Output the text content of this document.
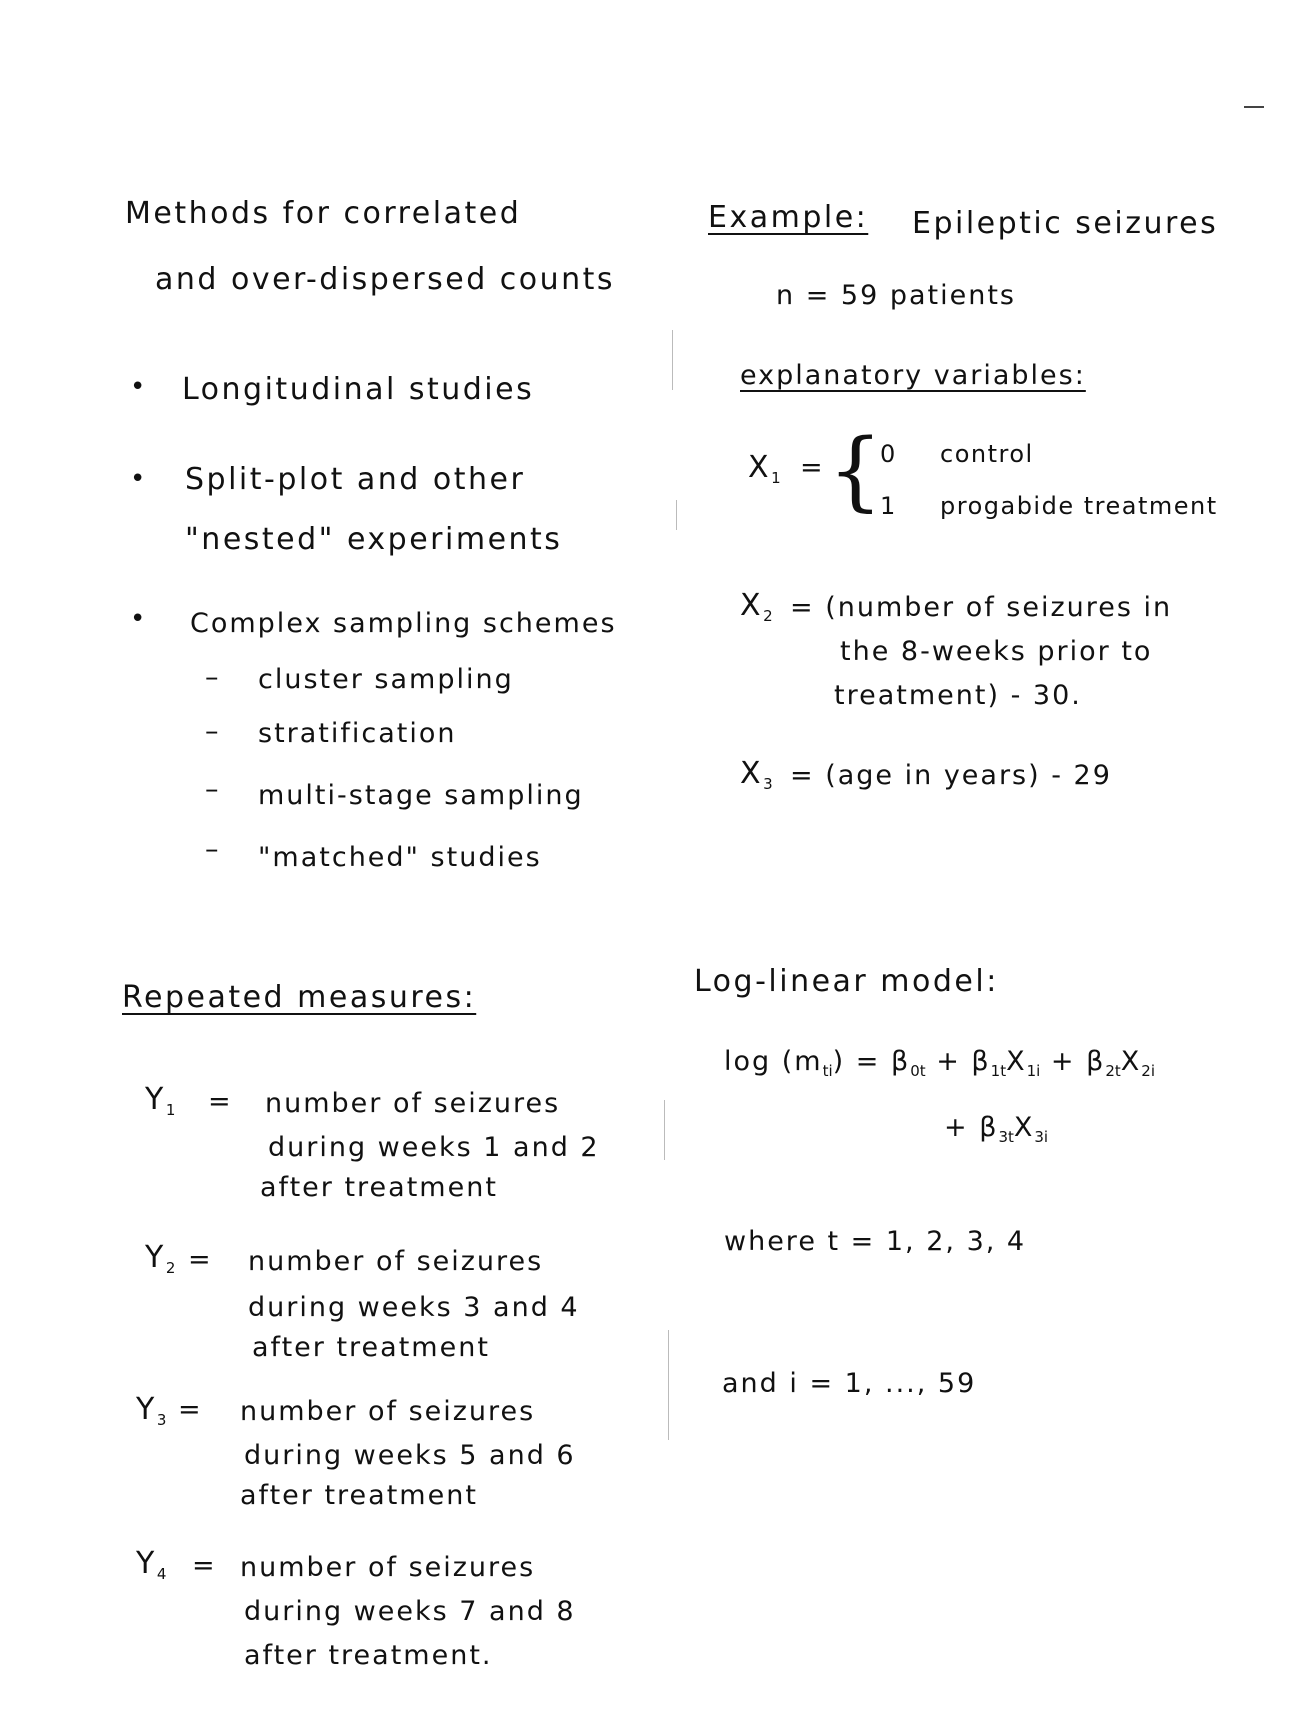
Methods for correlated
and over-dispersed counts
• Longitudinal studies
• Split-plot and other
"nested" experiments
• Complex sampling schemes
– cluster sampling
– stratification
– multi-stage sampling
– "matched" studies
Repeated measures:
$Y_1$ = number of seizures
during weeks 1 and 2
after treatment
$Y_2$ = number of seizures
during weeks 3 and 4
after treatment
$Y_3$ = number of seizures
during weeks 5 and 6
after treatment
$Y_4$ = number of seizures
during weeks 7 and 8
after treatment.
Example: Epileptic seizures
n = 59 patients
explanatory variables:
$X_1$ = {
0 control
1 progabide treatment
$X_2$ = (number of seizures in
the 8-weeks prior to
treatment) - 30.
$X_3 = (age$ in years) - 29
Log-linear model:
$\log (m_{ti}) = \beta_{0t} + \beta_{1t}X_{1i} + \beta_{2t}X_{2i}$
+ $\beta_{3t}X_{3i}$
where t = 1, 2, 3, 4
and i = 1, ..., 59
